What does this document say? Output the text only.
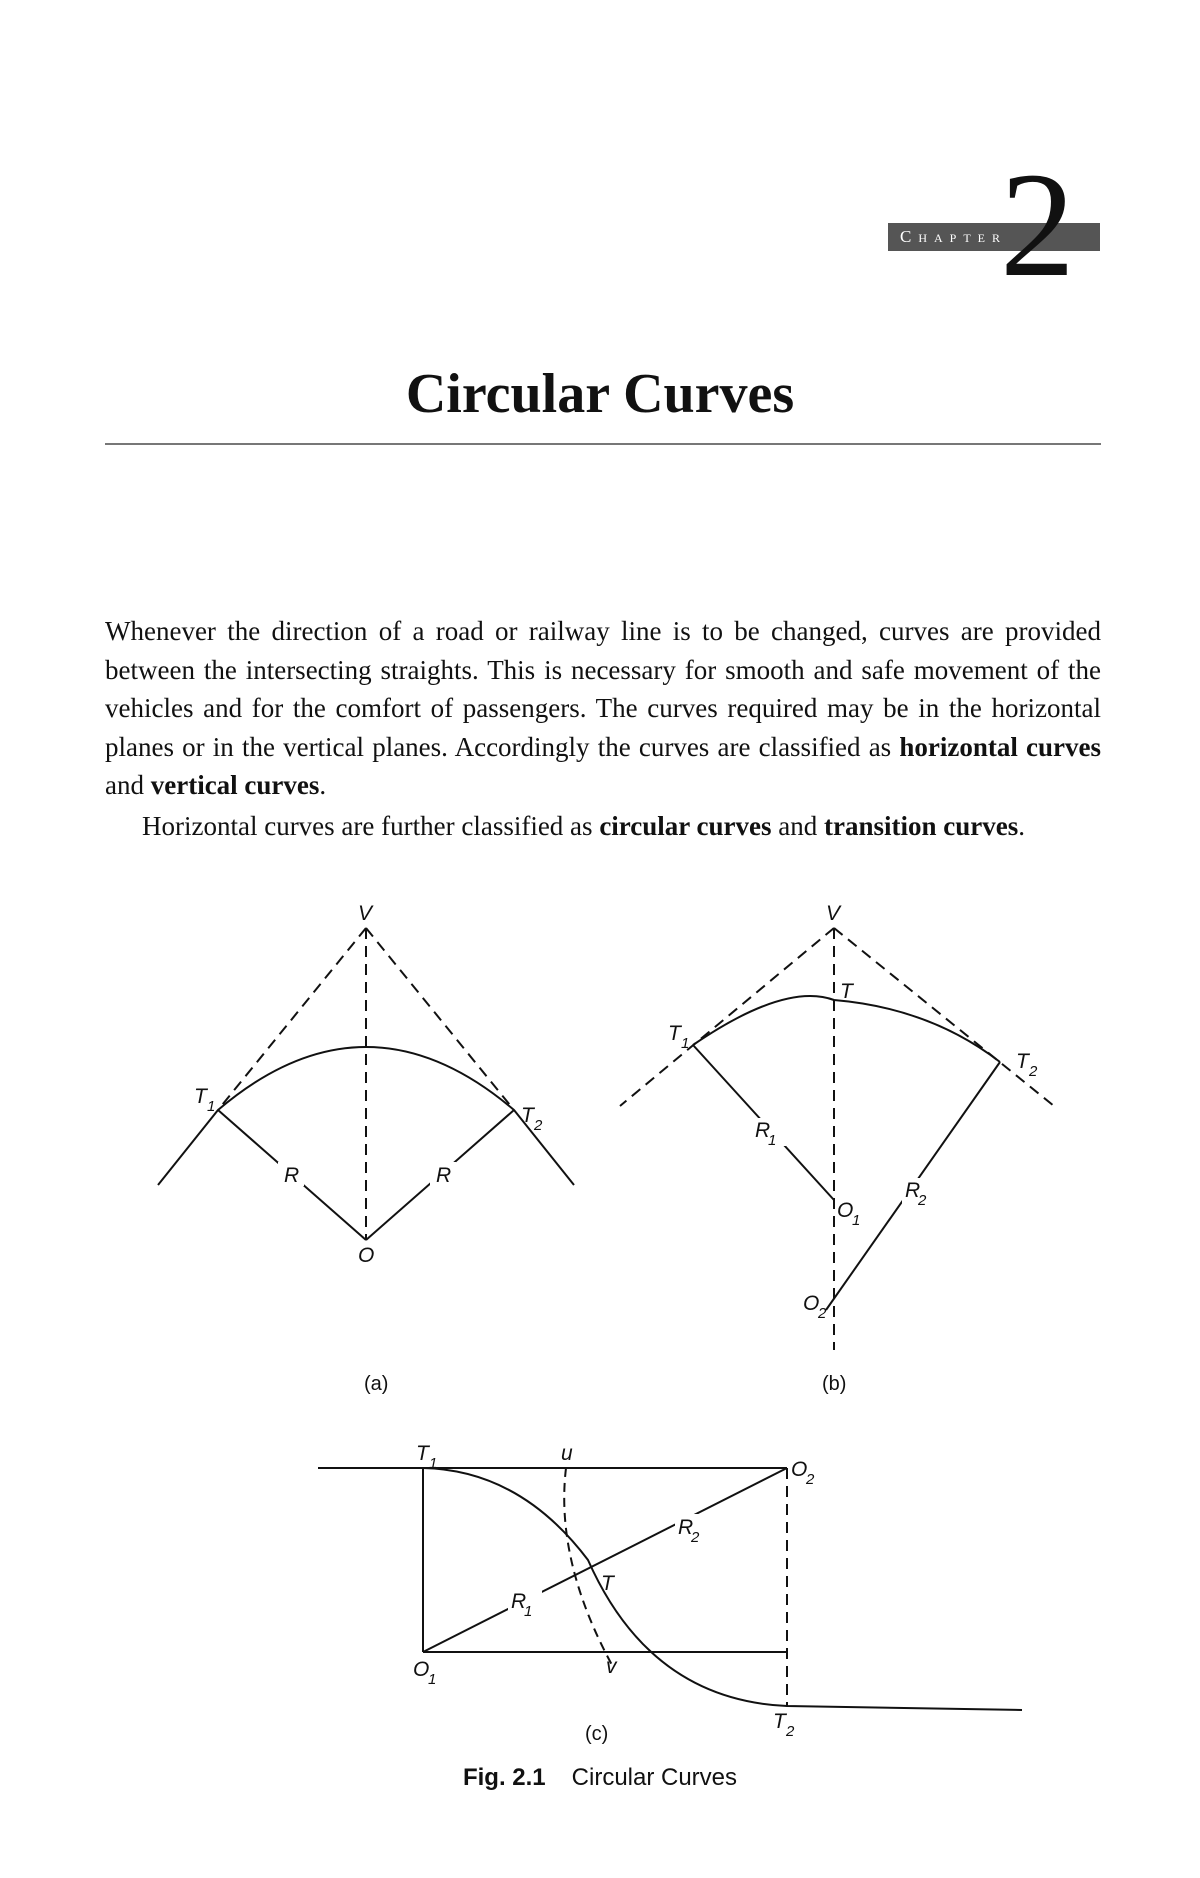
Chapter
2
Circular Curves

Whenever the direction of a road or railway line is to be changed, curves are provided between the intersecting straights. This is necessary for smooth and safe movement of the vehicles and for the comfort of passengers. The curves required may be in the horizontal planes or in the vertical planes. Accordingly the curves are classified as horizontal curves and vertical curves.

Horizontal curves are further classified as circular curves and transition curves.

V
T 1	T 2
R	R
O
(a)
V
T
T 1
T 2
R
1
R
2
O
1
O
2
(b)
T 1	u
O
2
R
2
T
R
1
O
1
v
T 2
(c)
Fig. 2.1 Circular Curves
